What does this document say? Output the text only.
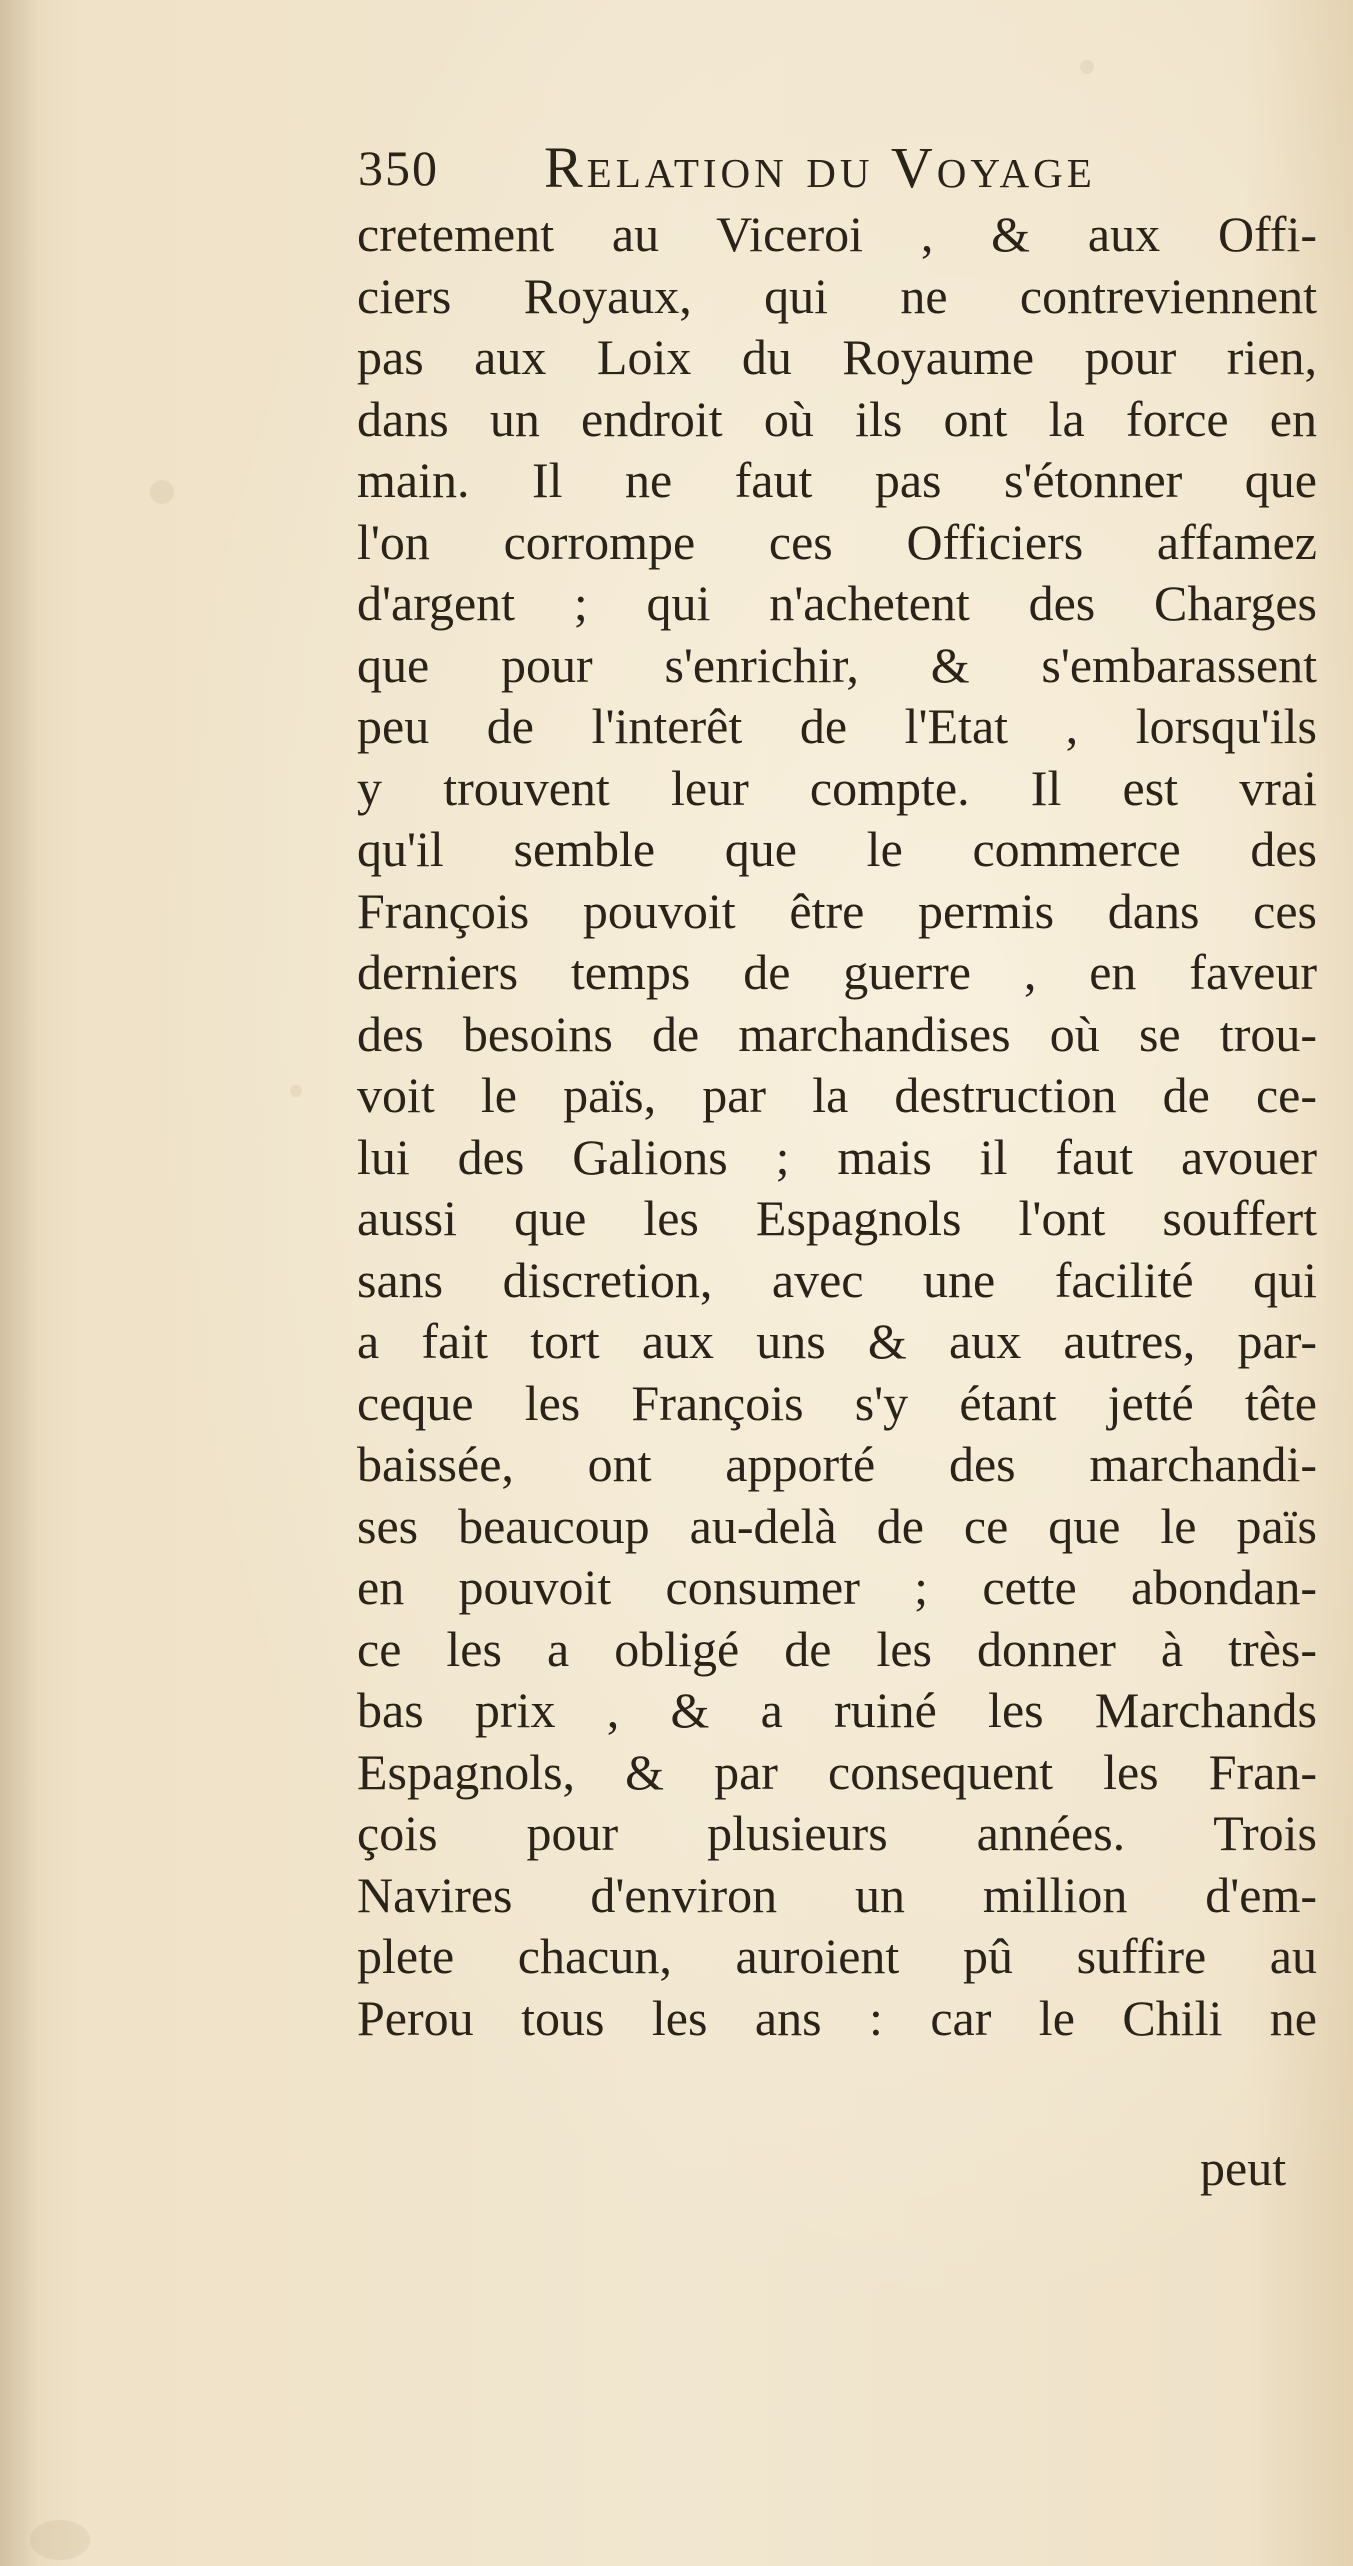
350 Relation du Voyage
cretement au Viceroi , & aux Offi-
ciers Royaux, qui ne contreviennent
pas aux Loix du Royaume pour rien,
dans un endroit où ils ont la force en
main. Il ne faut pas s'étonner que
l'on corrompe ces Officiers affamez
d'argent ; qui n'achetent des Charges
que pour s'enrichir, & s'embarassent
peu de l'interêt de l'Etat , lorsqu'ils
y trouvent leur compte. Il est vrai
qu'il semble que le commerce des
François pouvoit être permis dans ces
derniers temps de guerre , en faveur
des besoins de marchandises où se trou-
voit le païs, par la destruction de ce-
lui des Galions ; mais il faut avouer
aussi que les Espagnols l'ont souffert
sans discretion, avec une facilité qui
a fait tort aux uns & aux autres, par-
ceque les François s'y étant jetté tête
baissée, ont apporté des marchandi-
ses beaucoup au-delà de ce que le païs
en pouvoit consumer ; cette abondan-
ce les a obligé de les donner à très-
bas prix , & a ruiné les Marchands
Espagnols, & par consequent les Fran-
çois pour plusieurs années. Trois
Navires d'environ un million d'em-
plete chacun, auroient pû suffire au
Perou tous les ans : car le Chili ne
peut
